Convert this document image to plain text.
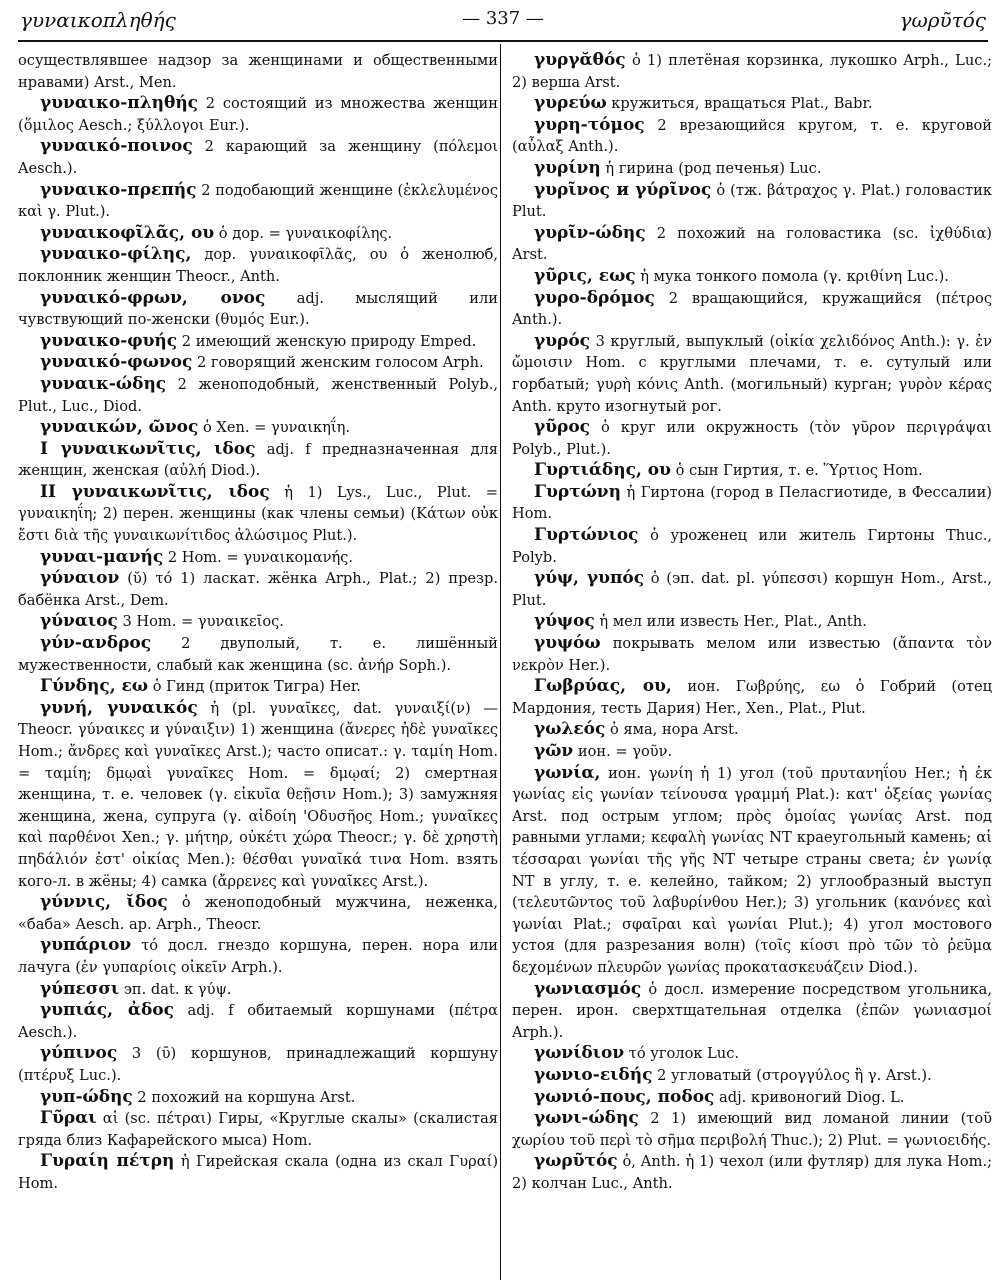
γυναικοπληθής	— 337 —	γωρῦτός

осуществлявшее надзор за женщинами и общественными нравами) Arst., Men.

γυναικο-πληθής 2 состоящий из множества женщин (ὅμιλος Aesch.; ξύλλογοι Eur.).

γυναικό-ποινος 2 карающий за женщину (πόλεμοι Aesch.).

γυναικο-πρεπής 2 подобающий женщине (ἐκλελυμένος καὶ γ. Plut.).

γυναικοφῖλᾶς, ου ὁ дор. = γυναικοφίλης.

γυναικο-φίλης, дор. γυναικοφῖλᾶς, ου ὁ женолюб, поклонник женщин Theocr., Anth.

γυναικό-φρων, ονος adj. мыслящий или чувствующий по-женски (θυμός Eur.).

γυναικο-φυής 2 имеющий женскую природу Emped.

γυναικό-φωνος 2 говорящий женским голосом Arph.

γυναικ-ώδης 2 женоподобный, женственный Polyb., Plut., Luc., Diod.

γυναικών, ῶνος ὁ Xen. = γυναικηΐη.

I γυναικωνῖτις, ιδος adj. f предназначенная для женщин, женская (αὐλή Diod.).

II γυναικωνῖτις, ιδος ἡ 1) Lys., Luc., Plut. = γυναικηΐη; 2) перен. женщины (как члены семьи) (Κάτων οὐκ ἔστι διὰ τῆς γυναικωνίτιδος ἁλώσιμος Plut.).

γυναι-μανής 2 Hom. = γυναικομανής.

γύναιον (ῠ) τό 1) ласкат. жёнка Arph., Plat.; 2) презр. бабёнка Arst., Dem.

γύναιος 3 Hom. = γυναικεῖος.

γύν-ανδρος 2 двуполый, т. е. лишённый мужественности, слабый как женщина (sc. ἀνήρ Soph.).

Γύνδης, εω ὁ Гинд (приток Тигра) Her.

γυνή, γυναικός ἡ (pl. γυναῖκες, dat. γυναιξί(ν) — Theocr. γύναικες и γύναιξιν) 1) женщина (ἄνερες ἠδὲ γυναῖκες Hom.; ἄνδρες καὶ γυναῖκες Arst.); часто описат.: γ. ταμίη Hom. = ταμίη; δμῳαὶ γυναῖκες Hom. = δμῳαί; 2) смертная женщина, т. е. человек (γ. εἰκυῖα θεῇσιν Hom.); 3) замужняя женщина, жена, супруга (γ. αἰδοίη 'Οδυσῆος Hom.; γυναῖκες καὶ παρθένοι Xen.; γ. μήτηρ, οὐκέτι χώρα Theocr.; γ. δὲ χρηστὴ πηδάλιόν ἐστ' οἰκίας Men.): θέσθαι γυναῖκά τινα Hom. взять кого-л. в жёны; 4) самка (ἄρρενες καὶ γυναῖκες Arst.).

γύννις, ῐδος ὁ женоподобный мужчина, неженка, «баба» Aesch. ap. Arph., Theocr.

γυπάριον τό досл. гнездо коршуна, перен. нора или лачуга (ἐν γυπαρίοις οἰκεῖν Arph.).

γύπεσσι эп. dat. к γύψ.

γυπιάς, ἀδος adj. f обитаемый коршунами (πέτρα Aesch.).

γύπινος 3 (ῡ) коршунов, принадлежащий коршуну (πτέρυξ Luc.).

γυπ-ώδης 2 похожий на коршуна Arst.

Γῦραι αἱ (sc. πέτραι) Гиры, «Круглые скалы» (скалистая гряда близ Кафарейского мыса) Hom.

Γυραίη πέτρη ἡ Гирейская скала (одна из скал Γυραί) Hom.

γυργᾰθός ὁ 1) плетёная корзинка, лукошко Arph., Luc.; 2) верша Arst.

γυρεύω кружиться, вращаться Plat., Babr.

γυρη-τόμος 2 врезающийся кругом, т. е. круговой (αὖλαξ Anth.).

γυρίνη ἡ гирина (род печенья) Luc.

γυρῖνος и γύρῖνος ὁ (тж. βάτραχος γ. Plat.) головастик Plut.

γυρῖν-ώδης 2 похожий на головастика (sc. ἰχθύδια) Arst.

γῦρις, εως ἡ мука тонкого помола (γ. κριθίνη Luc.).

γυρο-δρόμος 2 вращающийся, кружащийся (πέτρος Anth.).

γυρός 3 круглый, выпуклый (οἰκία χελιδόνος Anth.): γ. ἐν ὤμοισιν Hom. с круглыми плечами, т. е. сутулый или горбатый; γυρὴ κόνις Anth. (могильный) курган; γυρὸν κέρας Anth. круто изогнутый рог.

γῦρος ὁ круг или окружность (τὸν γῦρον περιγράψαι Polyb., Plut.).

Γυρτιάδης, ου ὁ сын Гиртия, т. е. Ὕρτιος Hom.

Γυρτώνη ἡ Гиртона (город в Пеласгиотиде, в Фессалии) Hom.

Γυρτώνιος ὁ уроженец или житель Гиртоны Thuc., Polyb.

γύψ, γυπός ὁ (эп. dat. pl. γύπεσσι) коршун Hom., Arst., Plut.

γύψος ἡ мел или известь Her., Plat., Anth.

γυψόω покрывать мелом или известью (ἄπαντα τὸν νεκρὸν Her.).

Γωβρύας, ου, ион. Γωβρύης, εω ὁ Гобрий (отец Мардония, тесть Дария) Her., Xen., Plat., Plut.

γωλεός ὁ яма, нора Arst.

γῶν ион. = γοῦν.

γωνία, ион. γωνίη ἡ 1) угол (τοῦ πρυτανηΐου Her.; ἡ ἐκ γωνίας εἰς γωνίαν τείνουσα γραμμή Plat.): κατ' ὀξείας γωνίας Arst. под острым углом; πρὸς ὁμοίας γωνίας Arst. под равными углами; κεφαλὴ γωνίας NT краеугольный камень; αἱ τέσσαραι γωνίαι τῆς γῆς NT четыре страны света; ἐν γωνίᾳ NT в углу, т. е. келейно, тайком; 2) углообразный выступ (τελευτῶντος τοῦ λαβυρίνθου Her.); 3) угольник (κανόνες καὶ γωνίαι Plat.; σφαῖραι καὶ γωνίαι Plut.); 4) угол мостового устоя (для разрезания волн) (τοῖς κίοσι πρὸ τῶν τὸ ῥεῦμα δεχομένων πλευρῶν γωνίας προκατασκευάζειν Diod.).

γωνιασμός ὁ досл. измерение посредством угольника, перен. ирон. сверхтщательная отделка (ἐπῶν γωνιασμοί Arph.).

γωνίδιον τό уголок Luc.

γωνιο-ειδής 2 угловатый (στρογγύλος ἢ γ. Arst.).

γωνιό-πους, ποδος adj. кривоногий Diog. L.

γωνι-ώδης 2 1) имеющий вид ломаной линии (τοῦ χωρίου τοῦ περὶ τὸ σῆμα περιβολή Thuc.); 2) Plut. = γωνιοειδής.

γωρῦτός ὁ, Anth. ἡ 1) чехол (или футляр) для лука Hom.; 2) колчан Luc., Anth.
